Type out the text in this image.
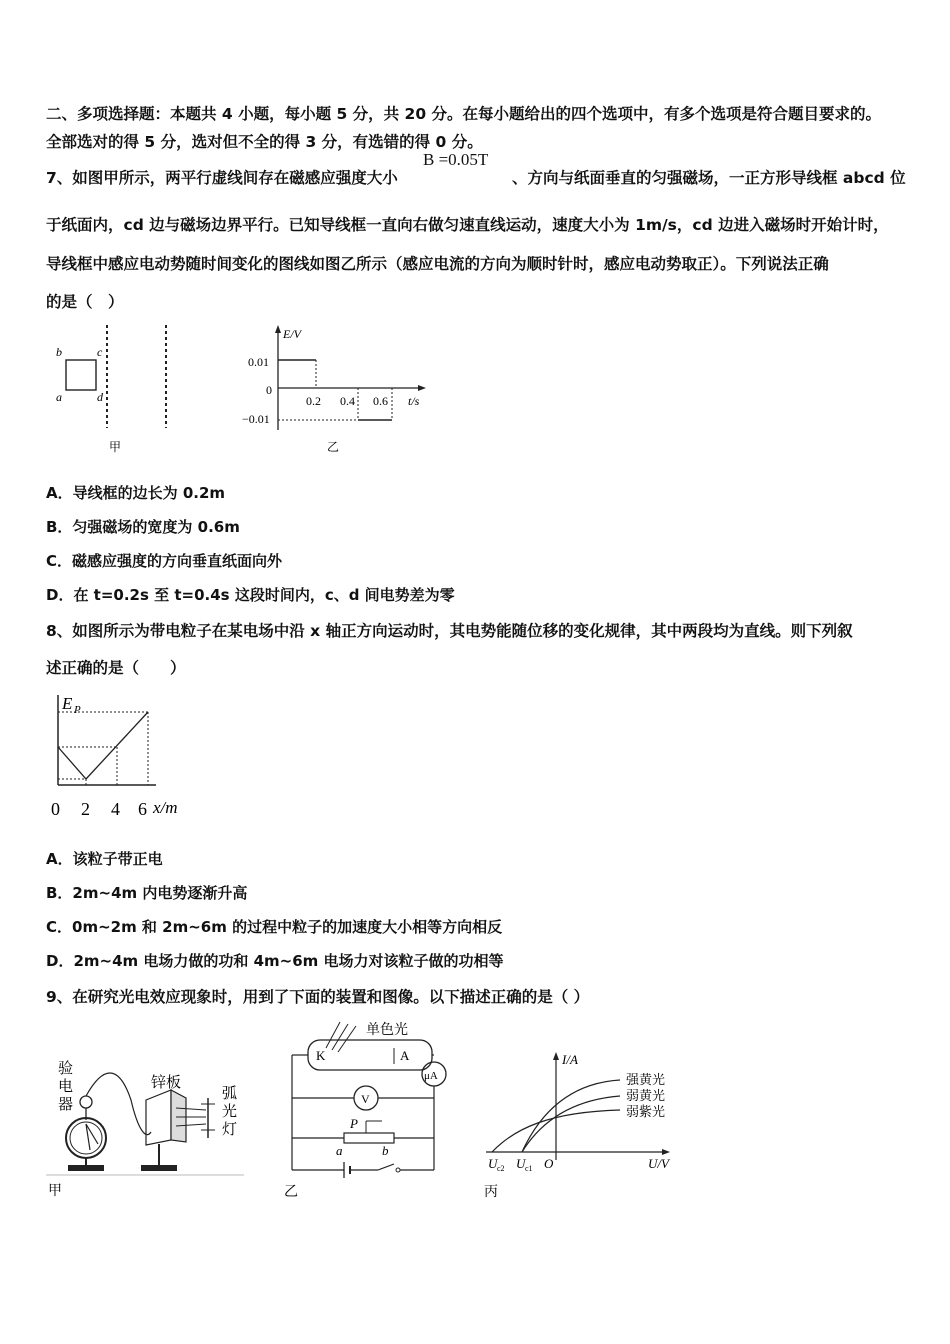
二、多项选择题：本题共 4 小题，每小题 5 分，共 20 分。在每小题给出的四个选项中，有多个选项是符合题目要求的。
全部选对的得 5 分，选对但不全的得 3 分，有选错的得 0 分。
7、如图甲所示，两平行虚线间存在磁感应强度大小
B =0.05T
、方向与纸面垂直的匀强磁场，一正方形导线框 abcd 位
于纸面内，cd 边与磁场边界平行。已知导线框一直向右做匀速直线运动，速度大小为 1m/s，cd 边进入磁场时开始计时，
导线框中感应电动势随时间变化的图线如图乙所示（感应电流的方向为顺时针时，感应电动势取正）。下列说法正确
的是（　）
b	c
a	d
甲
E/V
t/s
0.01
0
−0.01
0.2 0.4 0.6
乙
A．导线框的边长为 0.2m
B．匀强磁场的宽度为 0.6m
C．磁感应强度的方向垂直纸面向外
D．在 t=0.2s 至 t=0.4s 这段时间内，c、d 间电势差为零
8、如图所示为带电粒子在某电场中沿 x 轴正方向运动时，其电势能随位移的变化规律，其中两段均为直线。则下列叙
述正确的是（　　）
E P
0 2 4 6 x/m
A．该粒子带正电
B．2m~4m 内电势逐渐升高
C．0m~2m 和 2m~6m 的过程中粒子的加速度大小相等方向相反
D．2m~4m 电场力做的功和 4m~6m 电场力对该粒子做的功相等
9、在研究光电效应现象时，用到了下面的装置和图像。以下描述正确的是（ ）
验
电
器
锌板
弧
光
灯
甲
单色光
K	A
μA
V
P
a	b
乙
I/A
U/V
O
U c2 U c1
强黄光
弱黄光
弱紫光
丙
